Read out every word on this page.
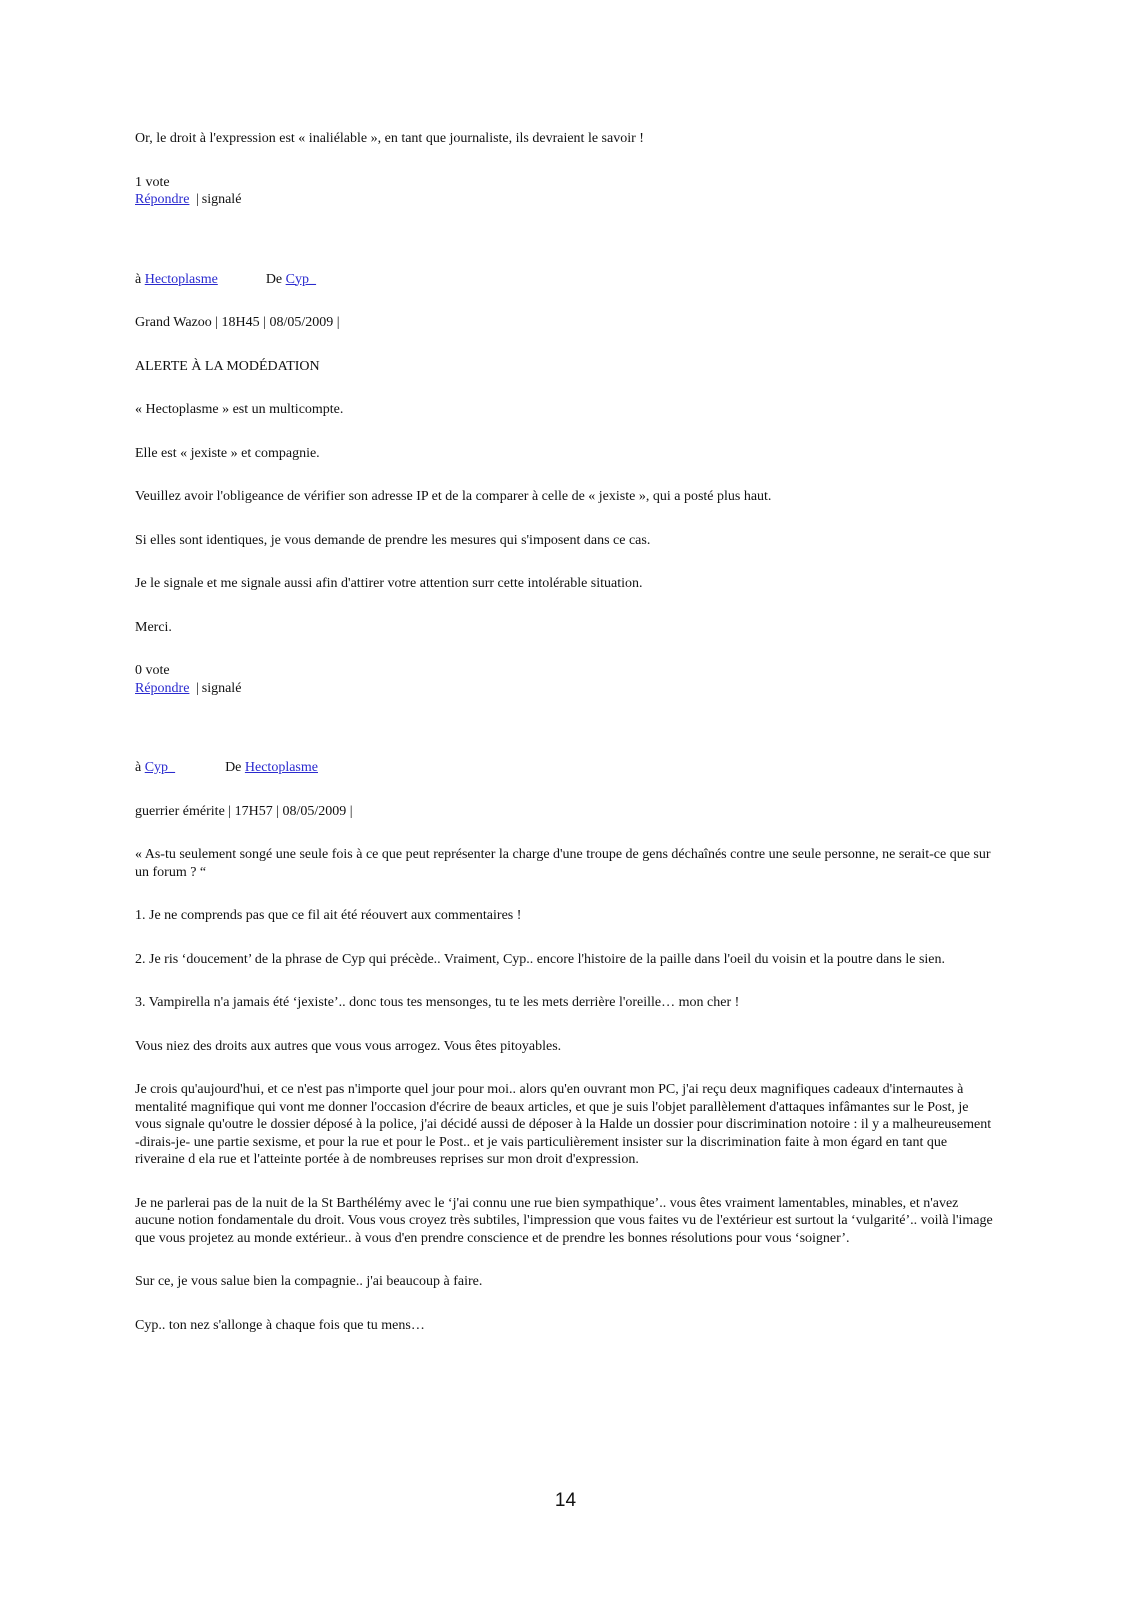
Or, le droit à l'expression est « inaliélable », en tant que journaliste, ils devraient le savoir !

1 vote
Répondre | signalé
à Hectoplasme	De Cyp_

Grand Wazoo | 18H45 | 08/05/2009 |

ALERTE À LA MODÉDATION

« Hectoplasme » est un multicompte.

Elle est « jexiste » et compagnie.

Veuillez avoir l'obligeance de vérifier son adresse IP et de la comparer à celle de « jexiste », qui a posté plus haut.

Si elles sont identiques, je vous demande de prendre les mesures qui s'imposent dans ce cas.

Je le signale et me signale aussi afin d'attirer votre attention surr cette intolérable situation.

Merci.

0 vote
Répondre | signalé
à Cyp_	De Hectoplasme

guerrier émérite | 17H57 | 08/05/2009 |

« As-tu seulement songé une seule fois à ce que peut représenter la charge d'une troupe de gens déchaînés contre une seule personne, ne serait-ce que sur un forum ? “

1. Je ne comprends pas que ce fil ait été réouvert aux commentaires !

2. Je ris ‘doucement’ de la phrase de Cyp qui précède.. Vraiment, Cyp.. encore l'histoire de la paille dans l'oeil du voisin et la poutre dans le sien.

3. Vampirella n'a jamais été ‘jexiste’.. donc tous tes mensonges, tu te les mets derrière l'oreille… mon cher !

Vous niez des droits aux autres que vous vous arrogez. Vous êtes pitoyables.

Je crois qu'aujourd'hui, et ce n'est pas n'importe quel jour pour moi.. alors qu'en ouvrant mon PC, j'ai reçu deux magnifiques cadeaux d'internautes à mentalité magnifique qui vont me donner l'occasion d'écrire de beaux articles, et que je suis l'objet parallèlement d'attaques infâmantes sur le Post, je vous signale qu'outre le dossier déposé à la police, j'ai décidé aussi de déposer à la Halde un dossier pour discrimination notoire : il y a malheureusement -dirais-je- une partie sexisme, et pour la rue et pour le Post.. et je vais particulièrement insister sur la discrimination faite à mon égard en tant que riveraine d ela rue et l'atteinte portée à de nombreuses reprises sur mon droit d'expression.

Je ne parlerai pas de la nuit de la St Barthélémy avec le ‘j'ai connu une rue bien sympathique’.. vous êtes vraiment lamentables, minables, et n'avez aucune notion fondamentale du droit. Vous vous croyez très subtiles, l'impression que vous faites vu de l'extérieur est surtout la ‘vulgarité’.. voilà l'image que vous projetez au monde extérieur.. à vous d'en prendre conscience et de prendre les bonnes résolutions pour vous ‘soigner’.

Sur ce, je vous salue bien la compagnie.. j'ai beaucoup à faire.

Cyp.. ton nez s'allonge à chaque fois que tu mens…

14
